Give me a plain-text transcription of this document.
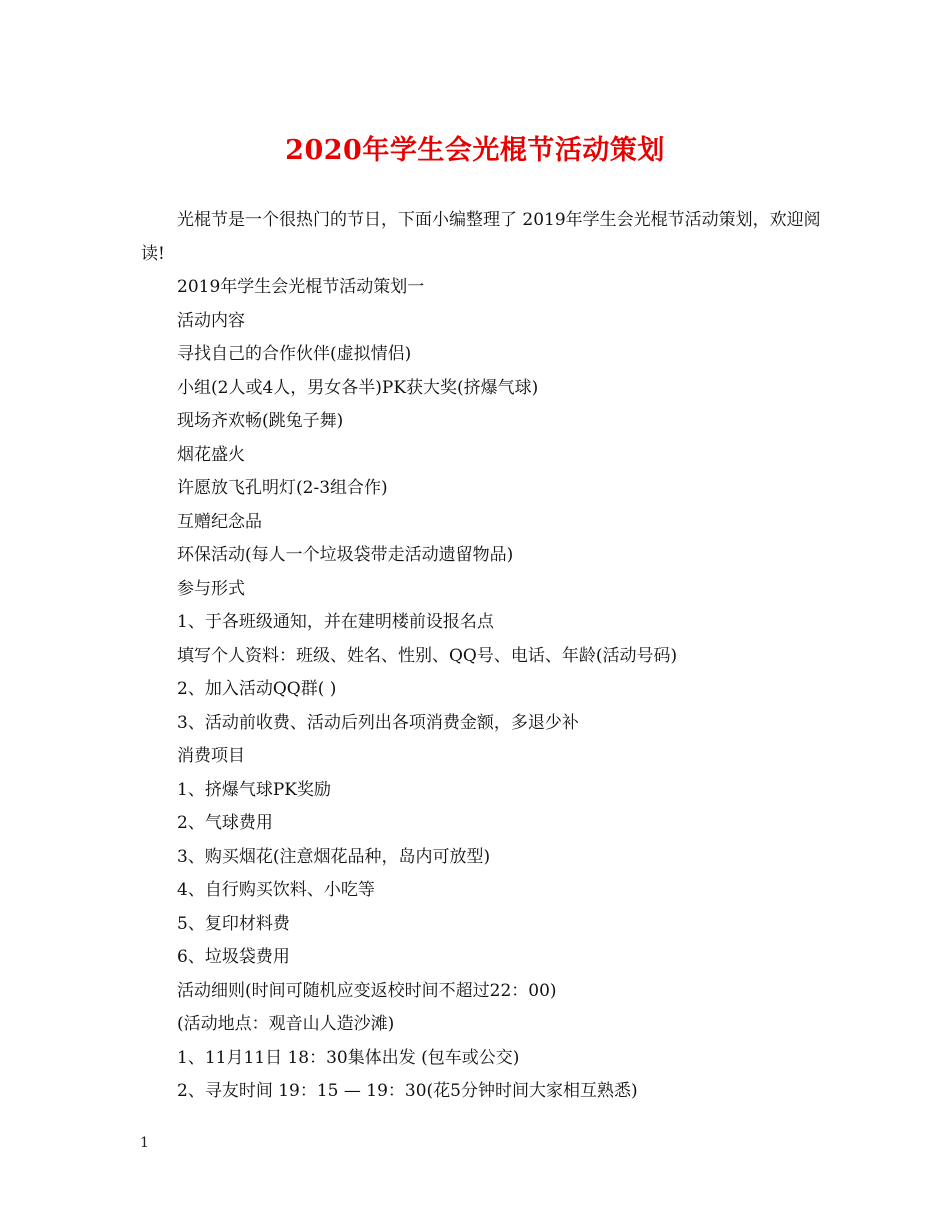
2020年学生会光棍节活动策划
光棍节是一个很热门的节日，下面小编整理了 2019年学生会光棍节活动策划，欢迎阅读!
2019年学生会光棍节活动策划一
活动内容
寻找自己的合作伙伴(虚拟情侣)
小组(2人或4人，男女各半)PK获大奖(挤爆气球)
现场齐欢畅(跳兔子舞)
烟花盛火
许愿放飞孔明灯(2-3组合作)
互赠纪念品
环保活动(每人一个垃圾袋带走活动遗留物品)
参与形式
1、于各班级通知，并在建明楼前设报名点
填写个人资料：班级、姓名、性别、QQ号、电话、年龄(活动号码)
2、加入活动QQ群( )
3、活动前收费、活动后列出各项消费金额，多退少补
消费项目
1、挤爆气球PK奖励
2、气球费用
3、购买烟花(注意烟花品种，岛内可放型)
4、自行购买饮料、小吃等
5、复印材料费
6、垃圾袋费用
活动细则(时间可随机应变返校时间不超过22：00)
(活动地点：观音山人造沙滩)
1、11月11日 18：30集体出发 (包车或公交)
2、寻友时间 19：15 — 19：30(花5分钟时间大家相互熟悉)
1
